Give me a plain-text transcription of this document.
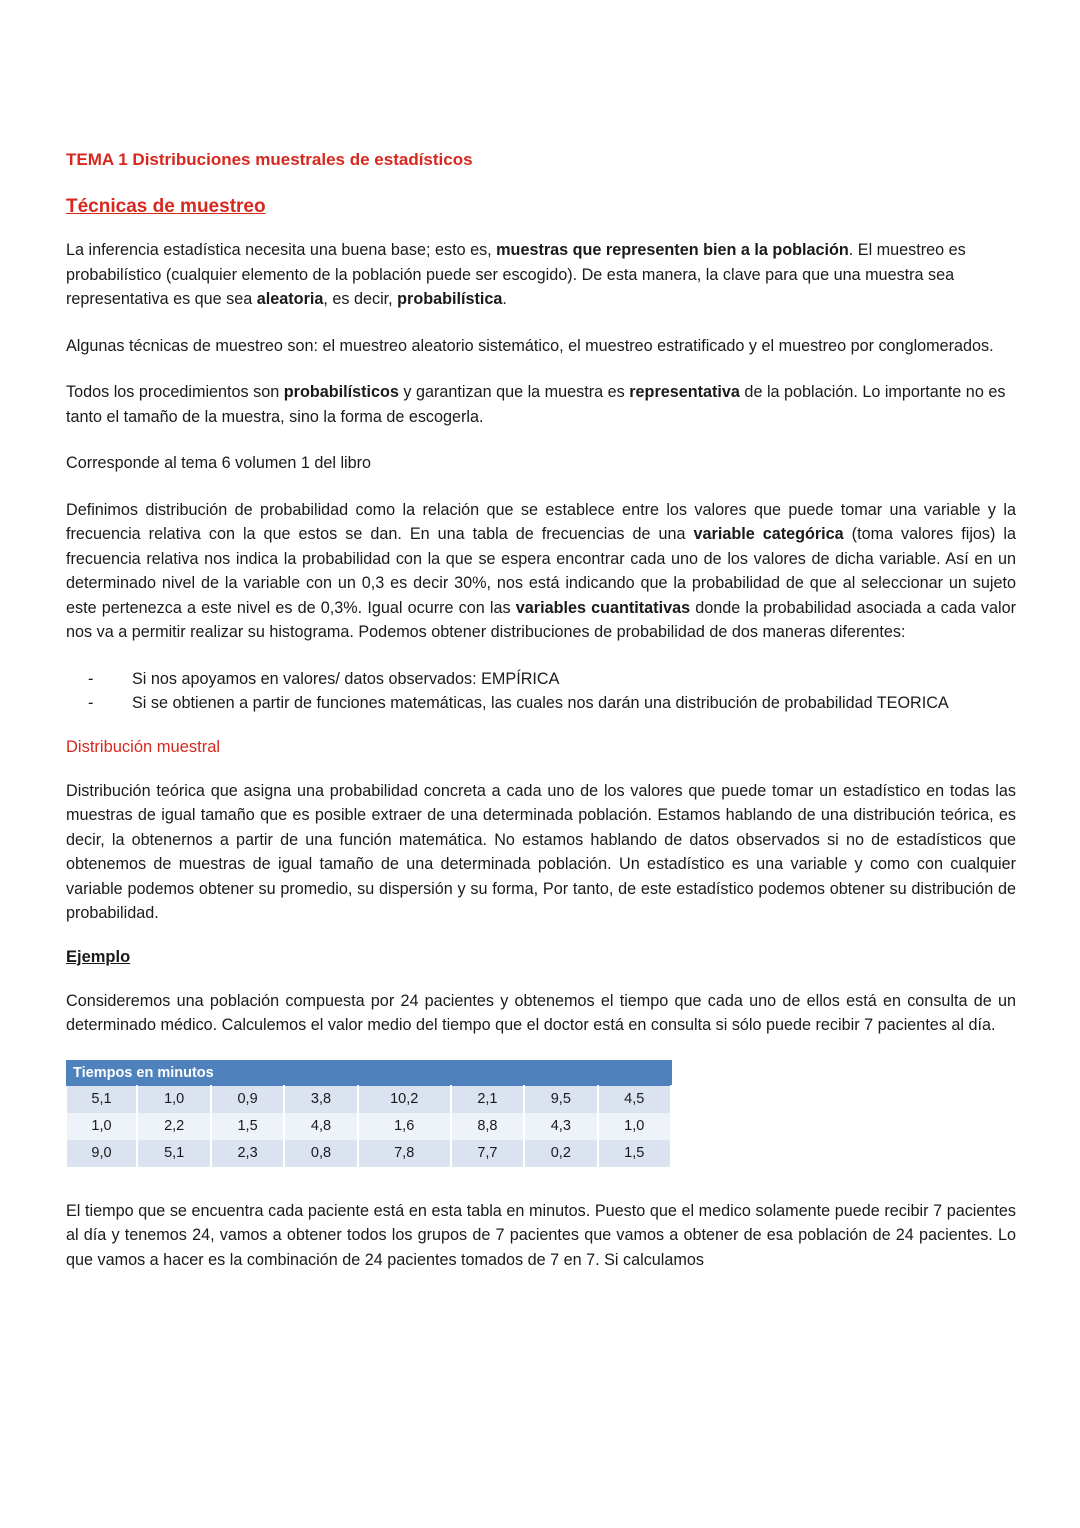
TEMA 1 Distribuciones muestrales de estadísticos
Técnicas de muestreo

La inferencia estadística necesita una buena base; esto es, muestras que representen bien a la población. El muestreo es probabilístico (cualquier elemento de la población puede ser escogido). De esta manera, la clave para que una muestra sea representativa es que sea aleatoria, es decir, probabilística.

Algunas técnicas de muestreo son: el muestreo aleatorio sistemático, el muestreo estratificado y el muestreo por conglomerados.

Todos los procedimientos son probabilísticos y garantizan que la muestra es representativa de la población. Lo importante no es tanto el tamaño de la muestra, sino la forma de escogerla.

Corresponde al tema 6 volumen 1 del libro

Definimos distribución de probabilidad como la relación que se establece entre los valores que puede tomar una variable y la frecuencia relativa con la que estos se dan. En una tabla de frecuencias de una variable categórica (toma valores fijos) la frecuencia relativa nos indica la probabilidad con la que se espera encontrar cada uno de los valores de dicha variable. Así en un determinado nivel de la variable con un 0,3 es decir 30%, nos está indicando que la probabilidad de que al seleccionar un sujeto este pertenezca a este nivel es de 0,3%. Igual ocurre con las variables cuantitativas donde la probabilidad asociada a cada valor nos va a permitir realizar su histograma. Podemos obtener distribuciones de probabilidad de dos maneras diferentes:

- Si nos apoyamos en valores/ datos observados: EMPÍRICA
- Si se obtienen a partir de funciones matemáticas, las cuales nos darán una distribución de probabilidad TEORICA
Distribución muestral

Distribución teórica que asigna una probabilidad concreta a cada uno de los valores que puede tomar un estadístico en todas las muestras de igual tamaño que es posible extraer de una determinada población. Estamos hablando de una distribución teórica, es decir, la obtenernos a partir de una función matemática. No estamos hablando de datos observados si no de estadísticos que obtenemos de muestras de igual tamaño de una determinada población. Un estadístico es una variable y como con cualquier variable podemos obtener su promedio, su dispersión y su forma, Por tanto, de este estadístico podemos obtener su distribución de probabilidad.

Ejemplo

Consideremos una población compuesta por 24 pacientes y obtenemos el tiempo que cada uno de ellos está en consulta de un determinado médico. Calculemos el valor medio del tiempo que el doctor está en consulta si sólo puede recibir 7 pacientes al día.

Tiempos en minutos							
5,1	1,0	0,9	3,8	10,2	2,1	9,5	4,5
1,0	2,2	1,5	4,8	1,6	8,8	4,3	1,0
9,0	5,1	2,3	0,8	7,8	7,7	0,2	1,5

El tiempo que se encuentra cada paciente está en esta tabla en minutos. Puesto que el medico solamente puede recibir 7 pacientes al día y tenemos 24, vamos a obtener todos los grupos de 7 pacientes que vamos a obtener de esa población de 24 pacientes. Lo que vamos a hacer es la combinación de 24 pacientes tomados de 7 en 7. Si calculamos
